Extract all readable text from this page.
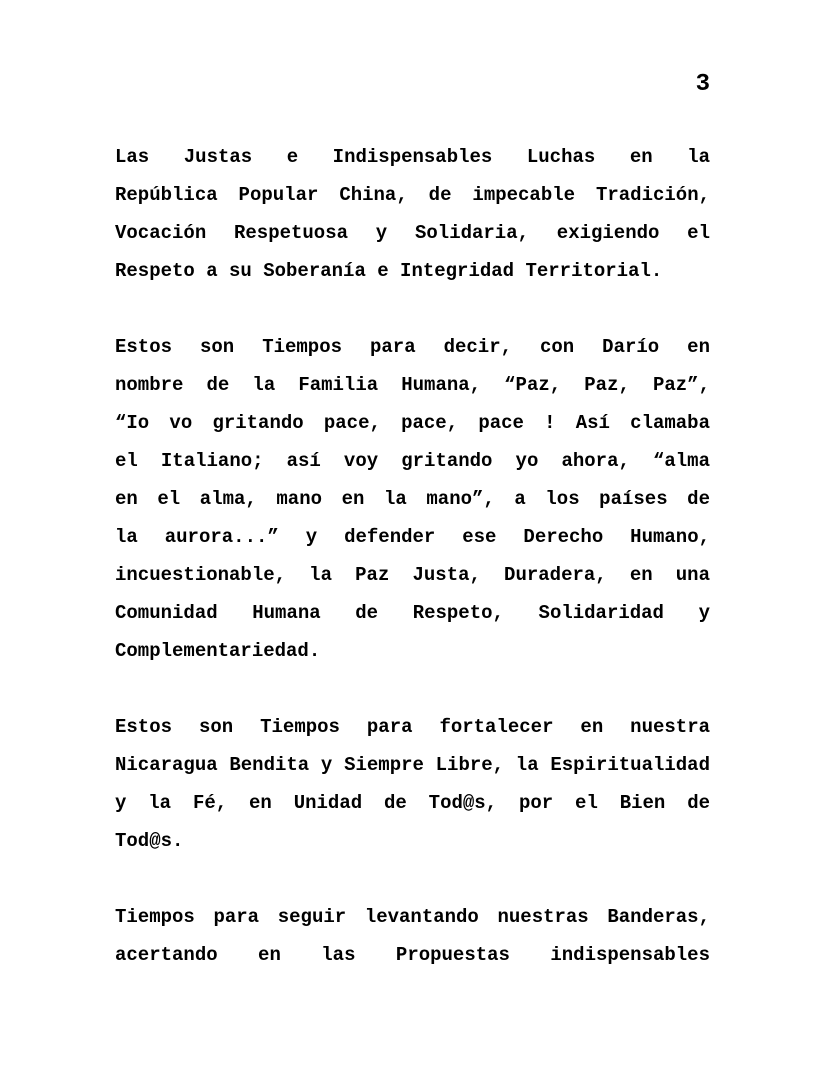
3
Las Justas e Indispensables Luchas en la
República Popular China, de impecable Tradición,
Vocación Respetuosa y Solidaria, exigiendo el
Respeto a su Soberanía e Integridad Territorial.
Estos son Tiempos para decir, con Darío en
nombre de la Familia Humana, “Paz, Paz, Paz”,
“Io vo gritando pace, pace, pace ! Así clamaba
el Italiano; así voy gritando yo ahora, “alma
en el alma, mano en la mano”, a los países de
la aurora...” y defender ese Derecho Humano,
incuestionable, la Paz Justa, Duradera, en una
Comunidad Humana de Respeto, Solidaridad y
Complementariedad.
Estos son Tiempos para fortalecer en nuestra
Nicaragua Bendita y Siempre Libre, la Espiritualidad
y la Fé, en Unidad de Tod@s, por el Bien de
Tod@s.
Tiempos para seguir levantando nuestras Banderas,
acertando en las Propuestas indispensables
